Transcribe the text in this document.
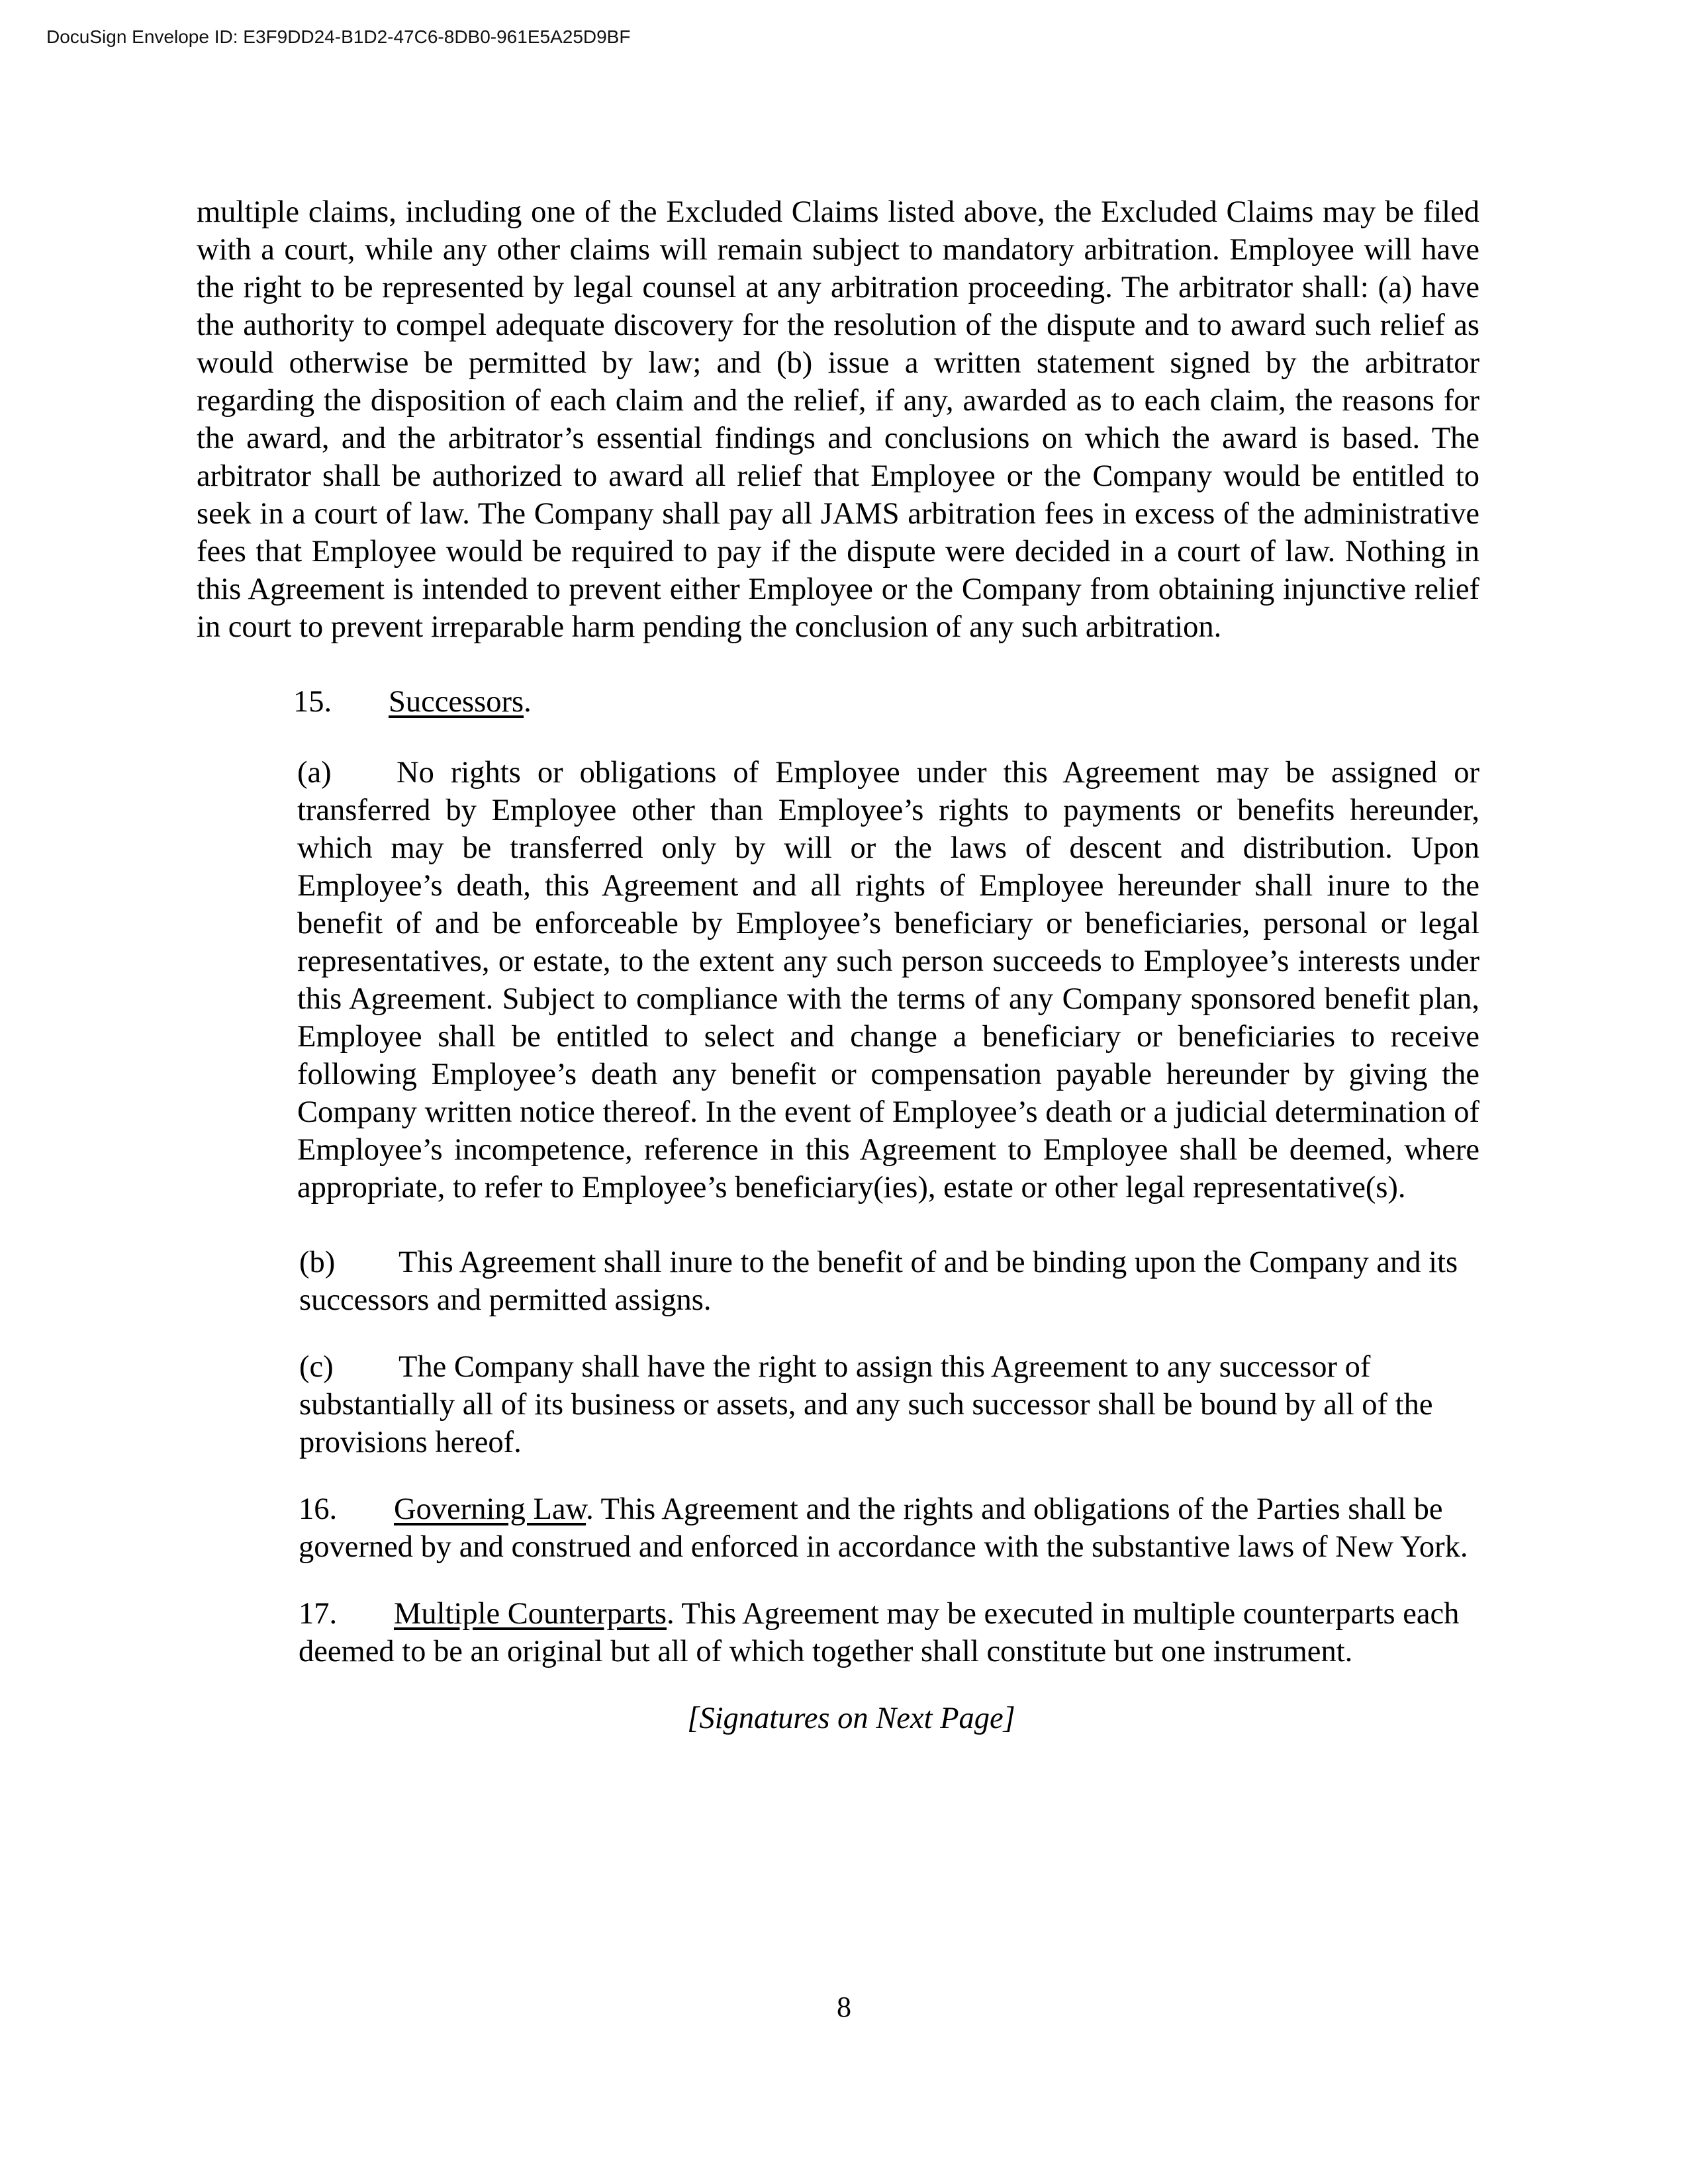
DocuSign Envelope ID: E3F9DD24-B1D2-47C6-8DB0-961E5A25D9BF

multiple claims, including one of the Excluded Claims listed above, the Excluded Claims may be filed with a court, while any other claims will remain subject to mandatory arbitration. Employee will have the right to be represented by legal counsel at any arbitration proceeding. The arbitrator shall: (a) have the authority to compel adequate discovery for the resolution of the dispute and to award such relief as would otherwise be permitted by law; and (b) issue a written statement signed by the arbitrator regarding the disposition of each claim and the relief, if any, awarded as to each claim, the reasons for the award, and the arbitrator’s essential findings and conclusions on which the award is based. The arbitrator shall be authorized to award all relief that Employee or the Company would be entitled to seek in a court of law. The Company shall pay all JAMS arbitration fees in excess of the administrative fees that Employee would be required to pay if the dispute were decided in a court of law. Nothing in this Agreement is intended to prevent either Employee or the Company from obtaining injunctive relief in court to prevent irreparable harm pending the conclusion of any such arbitration.

15. Successors.

(a) No rights or obligations of Employee under this Agreement may be assigned or transferred by Employee other than Employee’s rights to payments or benefits hereunder, which may be transferred only by will or the laws of descent and distribution. Upon Employee’s death, this Agreement and all rights of Employee hereunder shall inure to the benefit of and be enforceable by Employee’s beneficiary or beneficiaries, personal or legal representatives, or estate, to the extent any such person succeeds to Employee’s interests under this Agreement. Subject to compliance with the terms of any Company sponsored benefit plan, Employee shall be entitled to select and change a beneficiary or beneficiaries to receive following Employee’s death any benefit or compensation payable hereunder by giving the Company written notice thereof. In the event of Employee’s death or a judicial determination of Employee’s incompetence, reference in this Agreement to Employee shall be deemed, where appropriate, to refer to Employee’s beneficiary(ies), estate or other legal representative(s).

(b) This Agreement shall inure to the benefit of and be binding upon the Company and its successors and permitted assigns.

(c) The Company shall have the right to assign this Agreement to any successor of substantially all of its business or assets, and any such successor shall be bound by all of the provisions hereof.

16. Governing Law. This Agreement and the rights and obligations of the Parties shall be governed by and construed and enforced in accordance with the substantive laws of New York.

17. Multiple Counterparts. This Agreement may be executed in multiple counterparts each deemed to be an original but all of which together shall constitute but one instrument.

[Signatures on Next Page]

8
